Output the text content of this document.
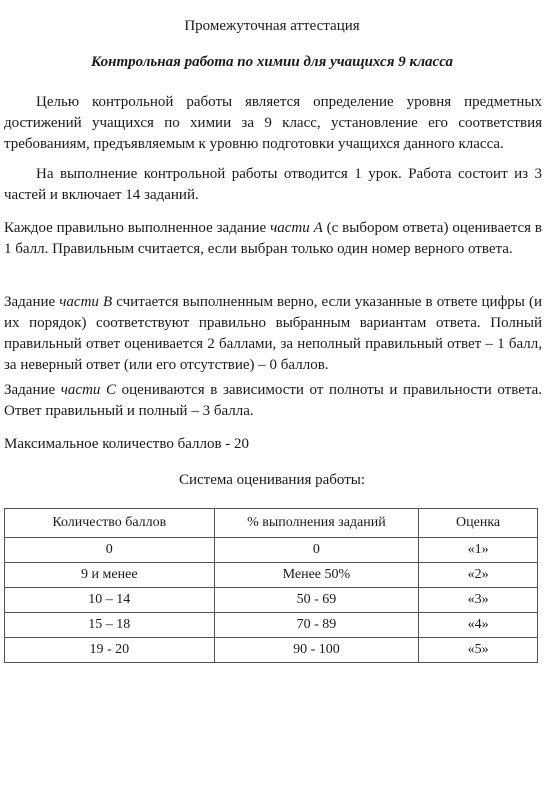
Промежуточная аттестация
Контрольная работа по химии для учащихся 9 класса
Целью контрольной работы является определение уровня предметных достижений учащихся по химии за 9 класс, установление его соответствия требованиям, предъявляемым к уровню подготовки учащихся данного класса.
На выполнение контрольной работы отводится 1 урок. Работа состоит из 3 частей и включает 14 заданий.
Каждое правильно выполненное задание части А (с выбором ответа) оценивается в 1 балл. Правильным считается, если выбран только один номер верного ответа.
Задание части В считается выполненным верно, если указанные в ответе цифры (и их порядок) соответствуют правильно выбранным вариантам ответа. Полный правильный ответ оценивается 2 баллами, за неполный правильный ответ – 1 балл, за неверный ответ (или его отсутствие) – 0 баллов.
Задание части С оцениваются в зависимости от полноты и правильности ответа. Ответ правильный и полный – 3 балла.
Максимальное количество баллов - 20
Система оценивания работы:
Количество баллов	% выполнения заданий	Оценка
0	0	«1»
9 и менее	Менее 50%	«2»
10 – 14	50 - 69	«3»
15 – 18	70 - 89	«4»
19 - 20	90 - 100	«5»
